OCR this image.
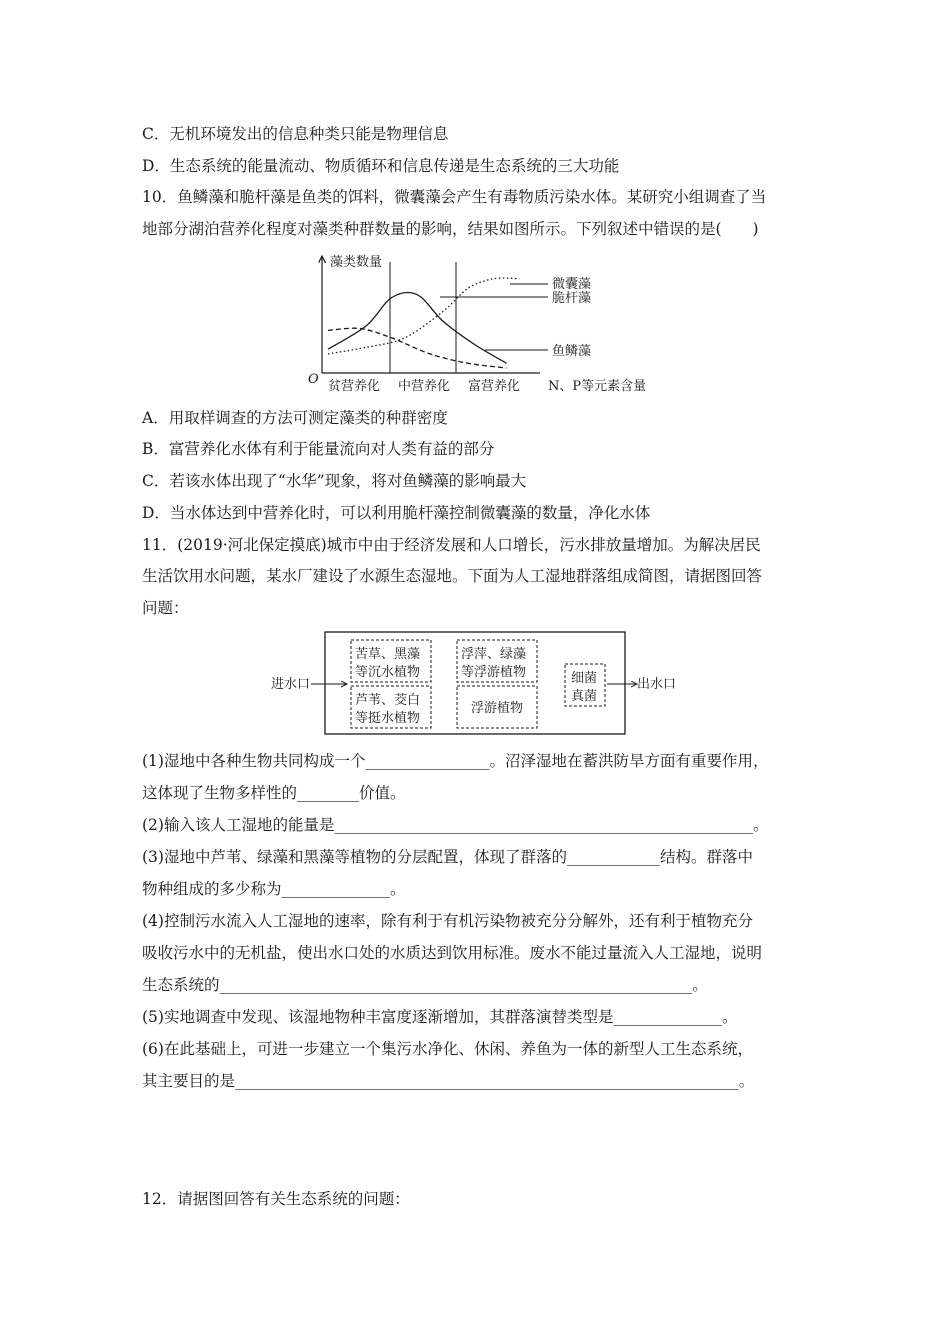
C．无机环境发出的信息种类只能是物理信息
D．生态系统的能量流动、物质循环和信息传递是生态系统的三大功能
10．鱼鳞藻和脆杆藻是鱼类的饵料，微囊藻会产生有毒物质污染水体。某研究小组调查了当
地部分湖泊营养化程度对藻类种群数量的影响，结果如图所示。下列叙述中错误的是(　　)
藻类数量
O 贫营养化 中营养化 富营养化 N、P等元素含量
微囊藻
脆杆藻
鱼鳞藻
A．用取样调查的方法可测定藻类的种群密度
B．富营养化水体有利于能量流向对人类有益的部分
C．若该水体出现了“水华”现象，将对鱼鳞藻的影响最大
D．当水体达到中营养化时，可以利用脆杆藻控制微囊藻的数量，净化水体
11．(2019·河北保定摸底)城市中由于经济发展和人口增长，污水排放量增加。为解决居民
生活饮用水问题，某水厂建设了水源生态湿地。下面为人工湿地群落组成简图，请据图回答
问题：
进水口	出水口
苦草、黑藻
等沉水植物
浮萍、绿藻
等浮游植物
芦苇、茭白
等挺水植物
浮游植物
细菌
真菌
(1)湿地中各种生物共同构成一个________________。沼泽湿地在蓄洪防旱方面有重要作用，
这体现了生物多样性的________价值。
(2)输入该人工湿地的能量是______________________________________________________。
(3)湿地中芦苇、绿藻和黑藻等植物的分层配置，体现了群落的____________结构。群落中
物种组成的多少称为______________。
(4)控制污水流入人工湿地的速率，除有利于有机污染物被充分分解外，还有利于植物充分
吸收污水中的无机盐，使出水口处的水质达到饮用标准。废水不能过量流入人工湿地，说明
生态系统的_____________________________________________________________。
(5)实地调查中发现、该湿地物种丰富度逐渐增加，其群落演替类型是______________。
(6)在此基础上，可进一步建立一个集污水净化、休闲、养鱼为一体的新型人工生态系统，
其主要目的是_________________________________________________________________。
12．请据图回答有关生态系统的问题：
